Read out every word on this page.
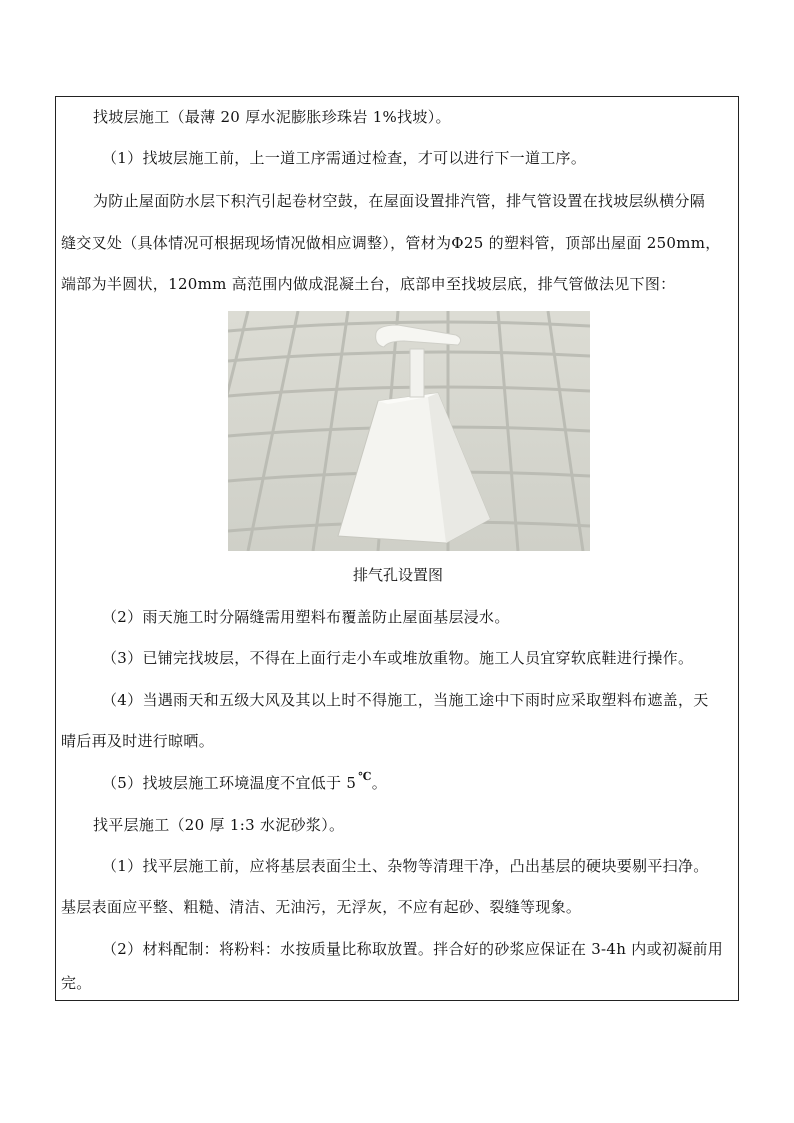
找坡层施工（最薄 20 厚水泥膨胀珍珠岩 1%找坡）。
（1）找坡层施工前，上一道工序需通过检查，才可以进行下一道工序。
为防止屋面防水层下积汽引起卷材空鼓，在屋面设置排汽管，排气管设置在找坡层纵横分隔
缝交叉处（具体情况可根据现场情况做相应调整），管材为Φ25 的塑料管，顶部出屋面 250mm，
端部为半圆状，120mm 高范围内做成混凝土台，底部申至找坡层底，排气管做法见下图：
排气孔设置图
（2）雨天施工时分隔缝需用塑料布覆盖防止屋面基层浸水。
（3）已铺完找坡层，不得在上面行走小车或堆放重物。施工人员宜穿软底鞋进行操作。
（4）当遇雨天和五级大风及其以上时不得施工，当施工途中下雨时应采取塑料布遮盖，天
晴后再及时进行晾晒。
（5）找坡层施工环境温度不宜低于 5 ℃。
找平层施工（20 厚 1:3 水泥砂浆）。
（1）找平层施工前，应将基层表面尘土、杂物等清理干净，凸出基层的硬块要剔平扫净。
基层表面应平整、粗糙、清洁、无油污，无浮灰，不应有起砂、裂缝等现象。
（2）材料配制：将粉料：水按质量比称取放置。拌合好的砂浆应保证在 3-4h 内或初凝前用
完。
